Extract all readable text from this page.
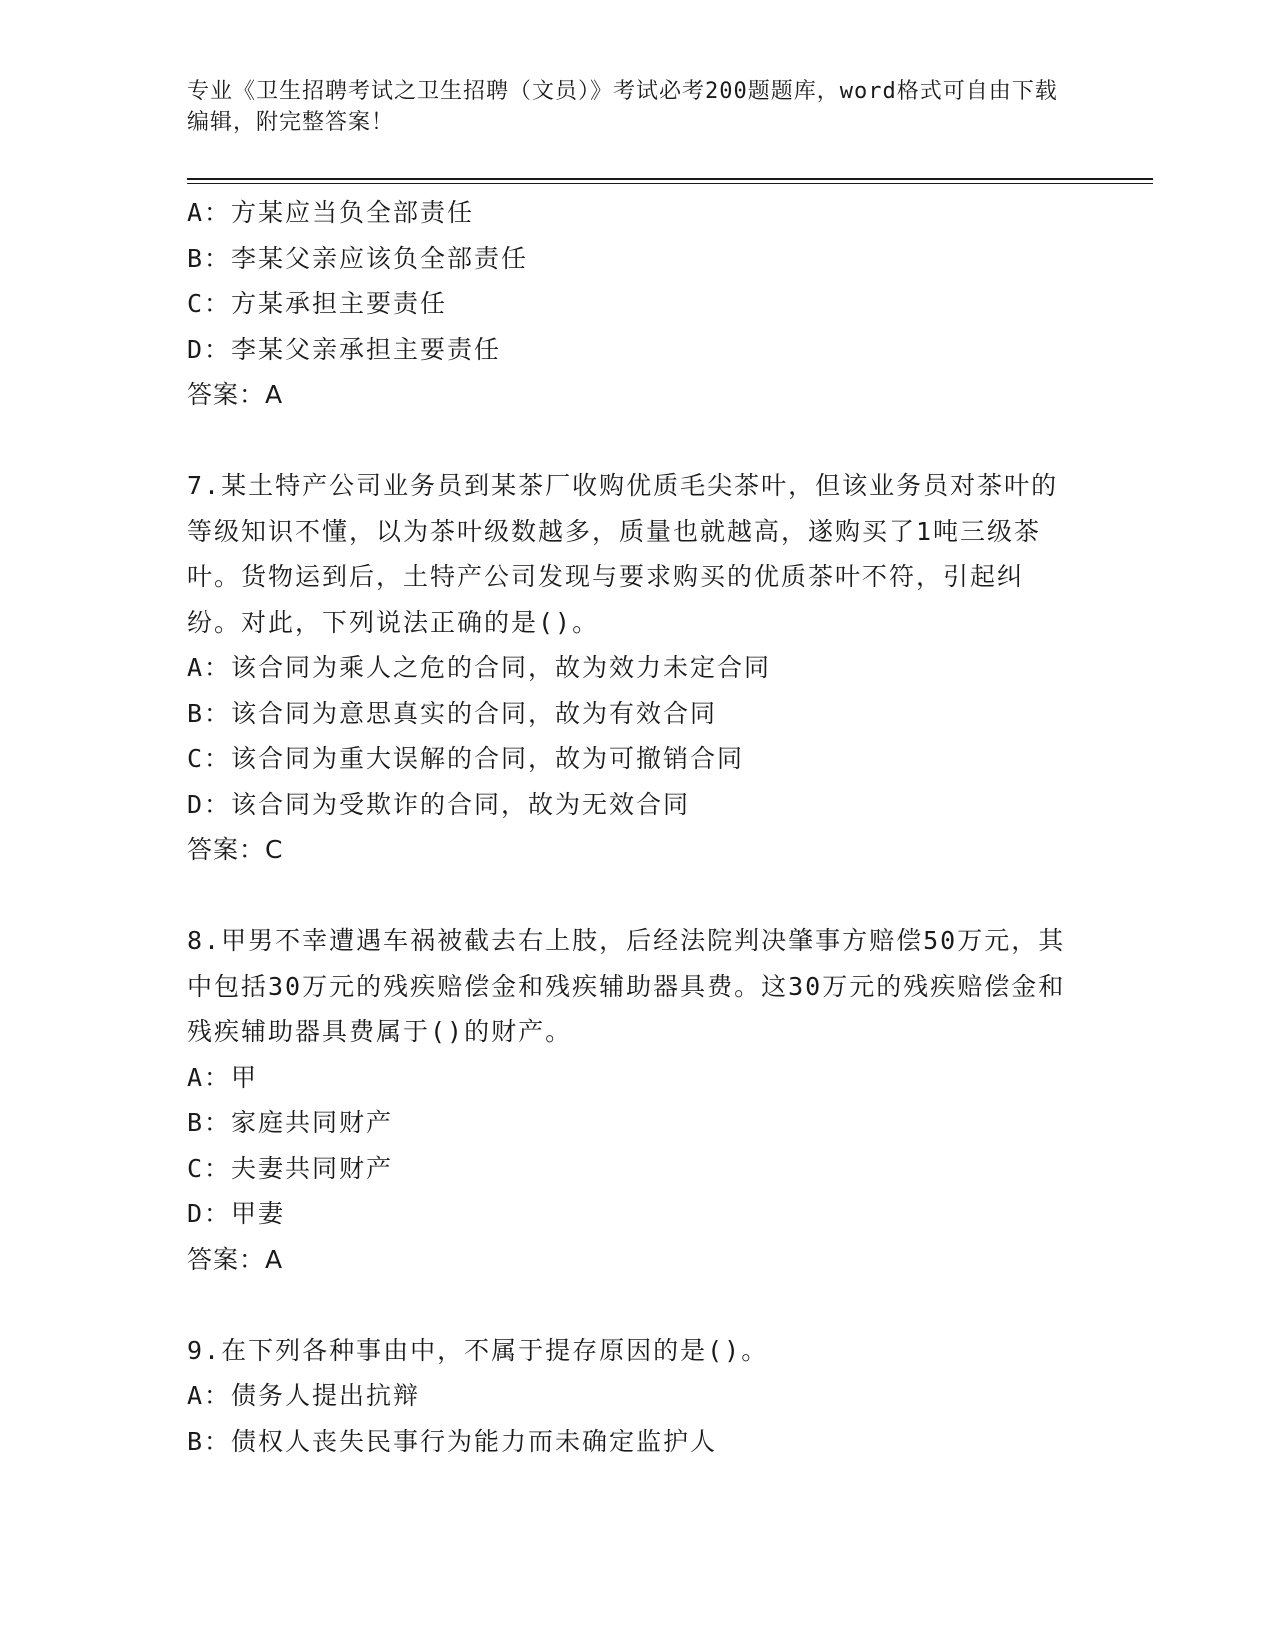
专业《卫生招聘考试之卫生招聘（文员）》考试必考200题题库，word格式可自由下载编辑，附完整答案！
A：方某应当负全部责任
B：李某父亲应该负全部责任
C：方某承担主要责任
D：李某父亲承担主要责任
答案：A
7.某土特产公司业务员到某茶厂收购优质毛尖茶叶，但该业务员对茶叶的等级知识不懂，以为茶叶级数越多，质量也就越高，遂购买了1吨三级茶叶。货物运到后，土特产公司发现与要求购买的优质茶叶不符，引起纠纷。对此，下列说法正确的是()。
A：该合同为乘人之危的合同，故为效力未定合同
B：该合同为意思真实的合同，故为有效合同
C：该合同为重大误解的合同，故为可撤销合同
D：该合同为受欺诈的合同，故为无效合同
答案：C
8.甲男不幸遭遇车祸被截去右上肢，后经法院判决肇事方赔偿50万元，其中包括30万元的残疾赔偿金和残疾辅助器具费。这30万元的残疾赔偿金和残疾辅助器具费属于()的财产。
A：甲
B：家庭共同财产
C：夫妻共同财产
D：甲妻
答案：A
9.在下列各种事由中，不属于提存原因的是()。
A：债务人提出抗辩
B：债权人丧失民事行为能力而未确定监护人
